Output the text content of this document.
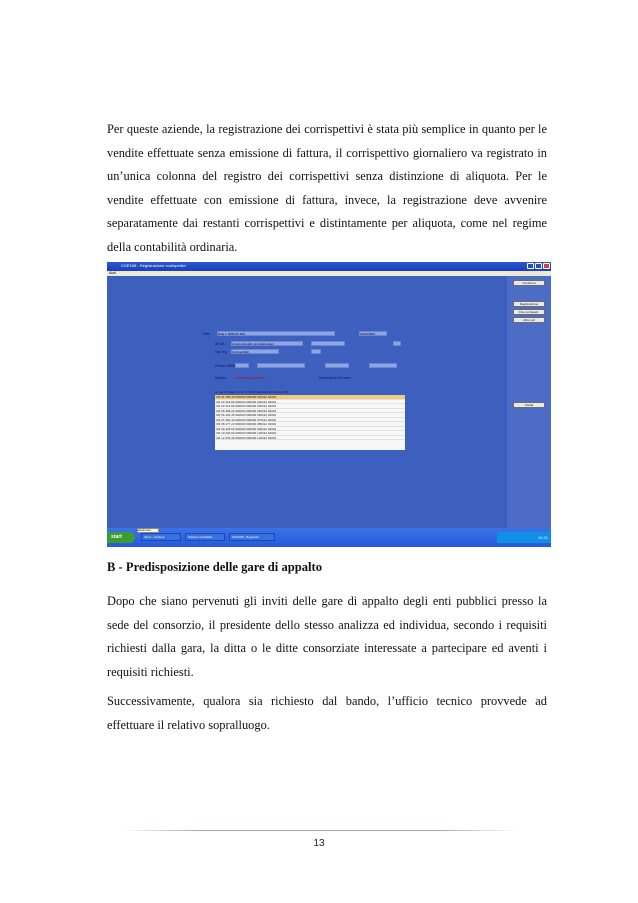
Per queste aziende, la registrazione dei corrispettivi è stata più semplice in quanto per le vendite effettuate senza emissione di fattura, il corrispettivo giornaliero va registrato in un’unica colonna del registro dei corrispettivi senza distinzione di aliquota. Per le vendite effettuate con emissione di fattura, invece, la registrazione deve avvenire separatamente dai restanti corrispettivi e distintamente per aliquota, come nel regime della contabilità ordinaria.

COE168 - Registrazione corrispettivi
Aiuti
Conferma
Registrazione
Fine corrispett.
Altre opz
Uscita
Ditta	Ditta 1 TRIPOD SRL	31/03/2003
Att IVA	Comm.dett.alim.prod.alimentari
Tipo reg.	Corr.ventilati
Periodo MMM
Modello	Informazioni generali	Informazioni IVA mese
Gr Gg Al Totale Ctr Al Nr CPE Data Riferim Cliente CIN
CR 01 183,45 000000 000000 010312 02001
CR 02 223,86 000000 000000 020312 02001
CR 03 414,89 000000 000000 030312 02001
CR 05 298,26 000000 000000 050312 02001
CR 06 329,45 000000 000000 060312 02001
CR 07 281,42 000000 000000 070312 02001
CR 08 177,22 000000 000000 080312 02001
CR 09 128,59 000000 000000 090312 02001
CR 10 234,59 000000 000000 100312 02001
CR 12 233,46 000000 000000 120312 02001
Hannover
start	Inbox - Outlook	Sistema Contabile	COE168 - Registraz.	10.21
B - Predisposizione delle gare di appalto

Dopo che siano pervenuti gli inviti delle gare di appalto degli enti pubblici presso la sede del consorzio, il presidente dello stesso analizza ed individua, secondo i requisiti richiesti dalla gara, la ditta o le ditte consorziate interessate a partecipare ed aventi i requisiti richiesti.

Successivamente, qualora sia richiesto dal bando, l’ufficio tecnico provvede ad effettuare il relativo sopralluogo.

13
